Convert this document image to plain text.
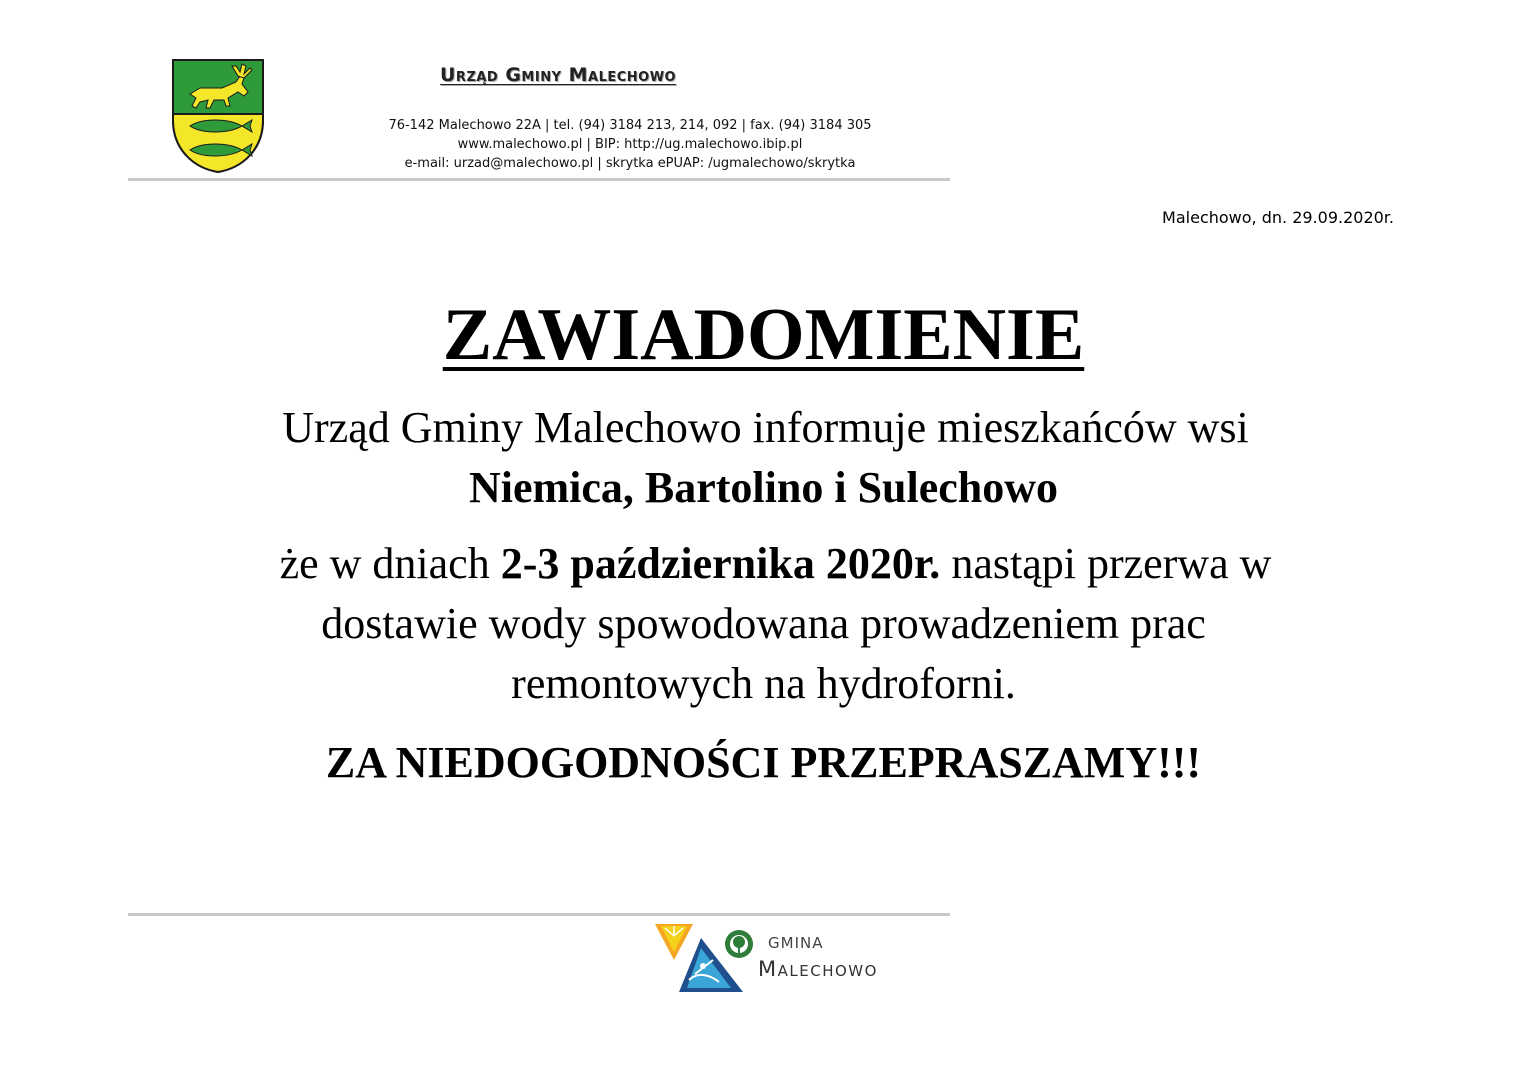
Urząd Gminy Malechowo
76-142 Malechowo 22A | tel. (94) 3184 213, 214, 092 | fax. (94) 3184 305
www.malechowo.pl | BIP: http://ug.malechowo.ibip.pl
e-mail: urzad@malechowo.pl | skrytka ePUAP: /ugmalechowo/skrytka
Malechowo, dn. 29.09.2020r.
ZAWIADOMIENIE
Urząd Gminy Malechowo informuje mieszkańców wsi
Niemica, Bartolino i Sulechowo
że w dniach 2-3 października 2020r. nastąpi przerwa w
dostawie wody spowodowana prowadzeniem prac
remontowych na hydroforni.
ZA NIEDOGODNOŚCI PRZEPRASZAMY!!!
GMINA
Malechowo
